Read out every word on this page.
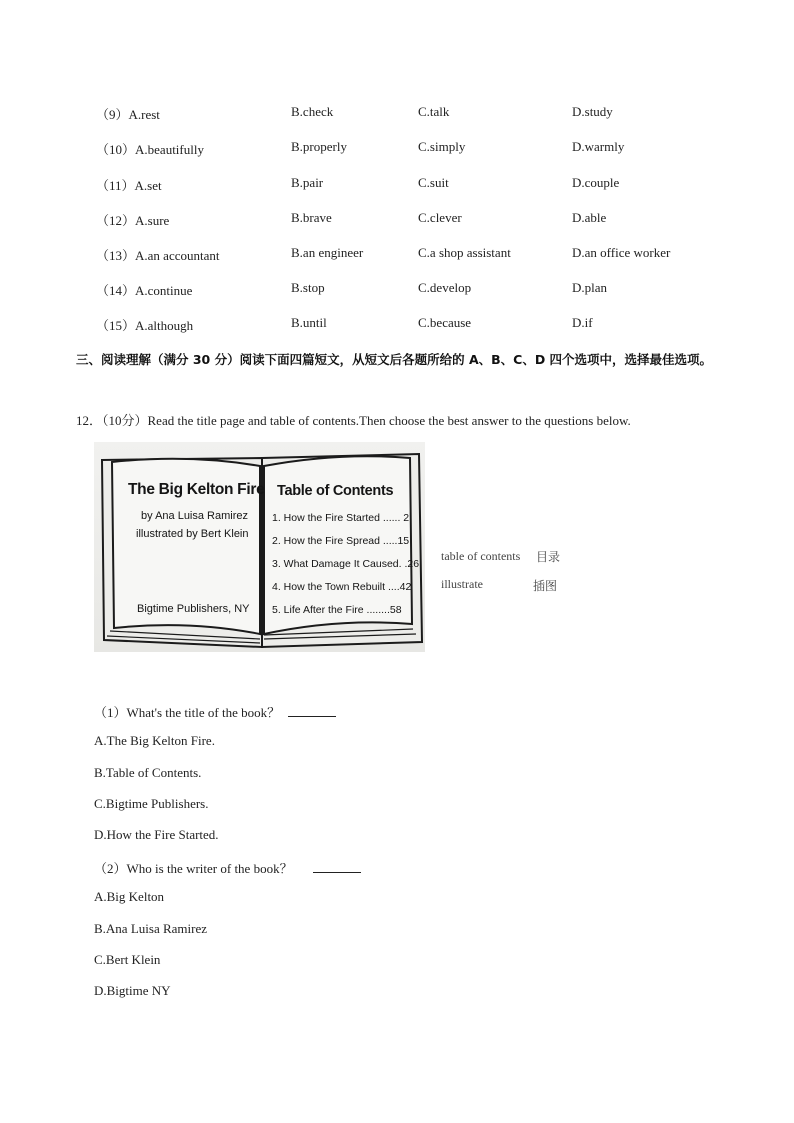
（9）A.rest	B.check	C.talk	D.study
（10）A.beautifully	B.properly	C.simply	D.warmly
（11）A.set	B.pair	C.suit	D.couple
（12）A.sure	B.brave	C.clever	D.able
（13）A.an accountant	B.an engineer	C.a shop assistant	D.an office worker
（14）A.continue	B.stop	C.develop	D.plan
（15）A.although	B.until	C.because	D.if
三、阅读理解（满分 30 分）阅读下面四篇短文，从短文后各题所给的 A、B、C、D 四个选项中，选择最佳选项。
12．（10分）Read the title page and table of contents.Then choose the best answer to the questions below.
The Big Kelton Fire
by Ana Luisa Ramirez
illustrated by Bert Klein
Bigtime Publishers, NY
Table of Contents
1. How the Fire Started ...... 2
2. How the Fire Spread .....15
3. What Damage It Caused. .26
4. How the Town Rebuilt ....42
5. Life After the Fire ........58
table of contents 目录
illustrate	插图
（1）What's the title of the book？
A.The Big Kelton Fire.
B.Table of Contents.
C.Bigtime Publishers.
D.How the Fire Started.
（2）Who is the writer of the book？
A.Big Kelton
B.Ana Luisa Ramirez
C.Bert Klein
D.Bigtime NY
